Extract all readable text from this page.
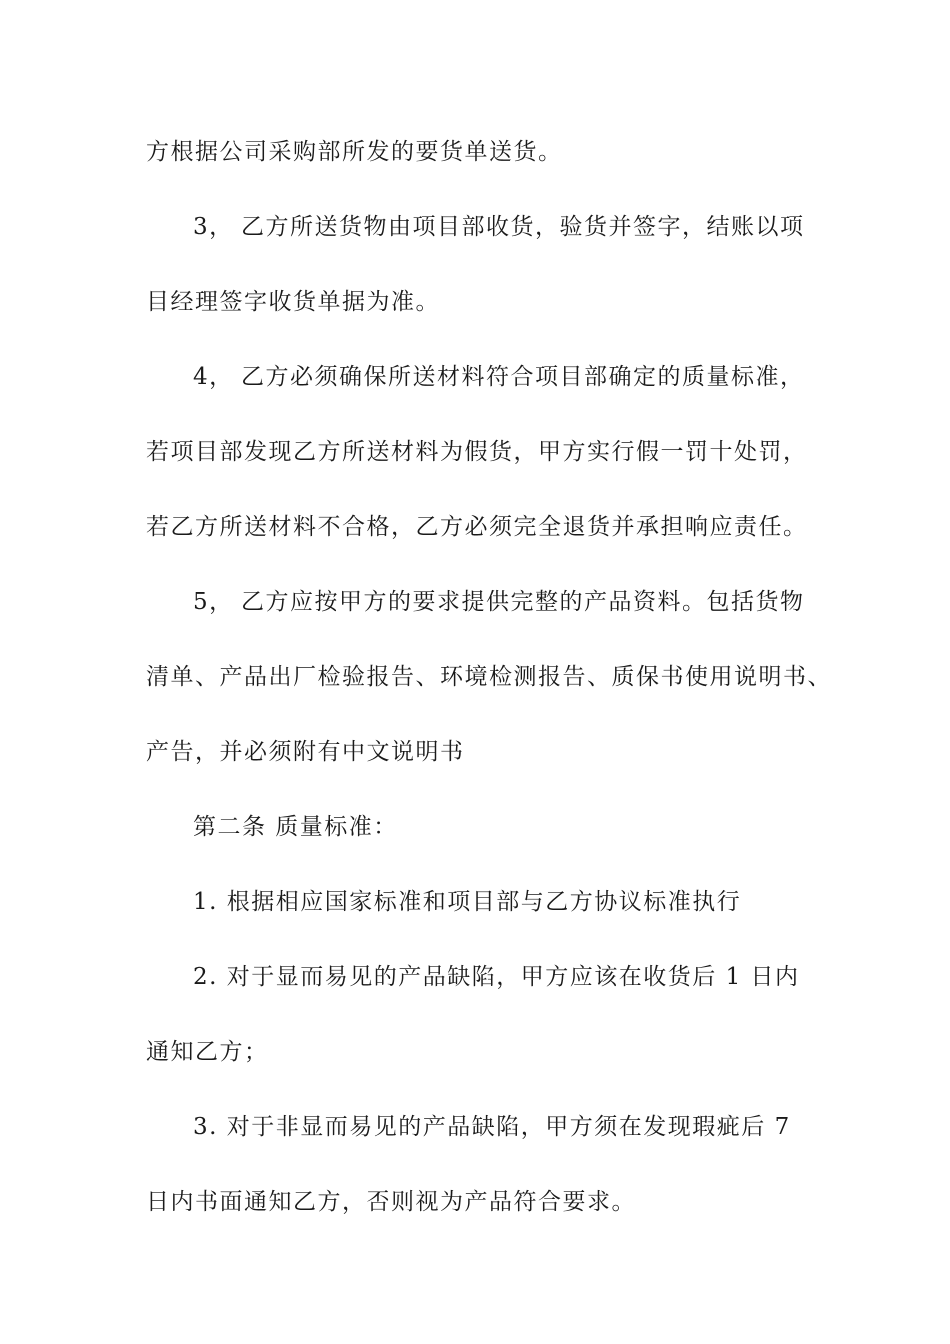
方根据公司采购部所发的要货单送货。
3， 乙方所送货物由项目部收货，验货并签字，结账以项
目经理签字收货单据为准。
4， 乙方必须确保所送材料符合项目部确定的质量标准，
若项目部发现乙方所送材料为假货，甲方实行假一罚十处罚，
若乙方所送材料不合格，乙方必须完全退货并承担响应责任。
5， 乙方应按甲方的要求提供完整的产品资料。包括货物
清单、产品出厂检验报告、环境检测报告、质保书使用说明书、
产告，并必须附有中文说明书
第二条 质量标准：
1. 根据相应国家标准和项目部与乙方协议标准执行
2. 对于显而易见的产品缺陷，甲方应该在收货后 1 日内
通知乙方；
3. 对于非显而易见的产品缺陷，甲方须在发现瑕疵后 7
日内书面通知乙方，否则视为产品符合要求。
